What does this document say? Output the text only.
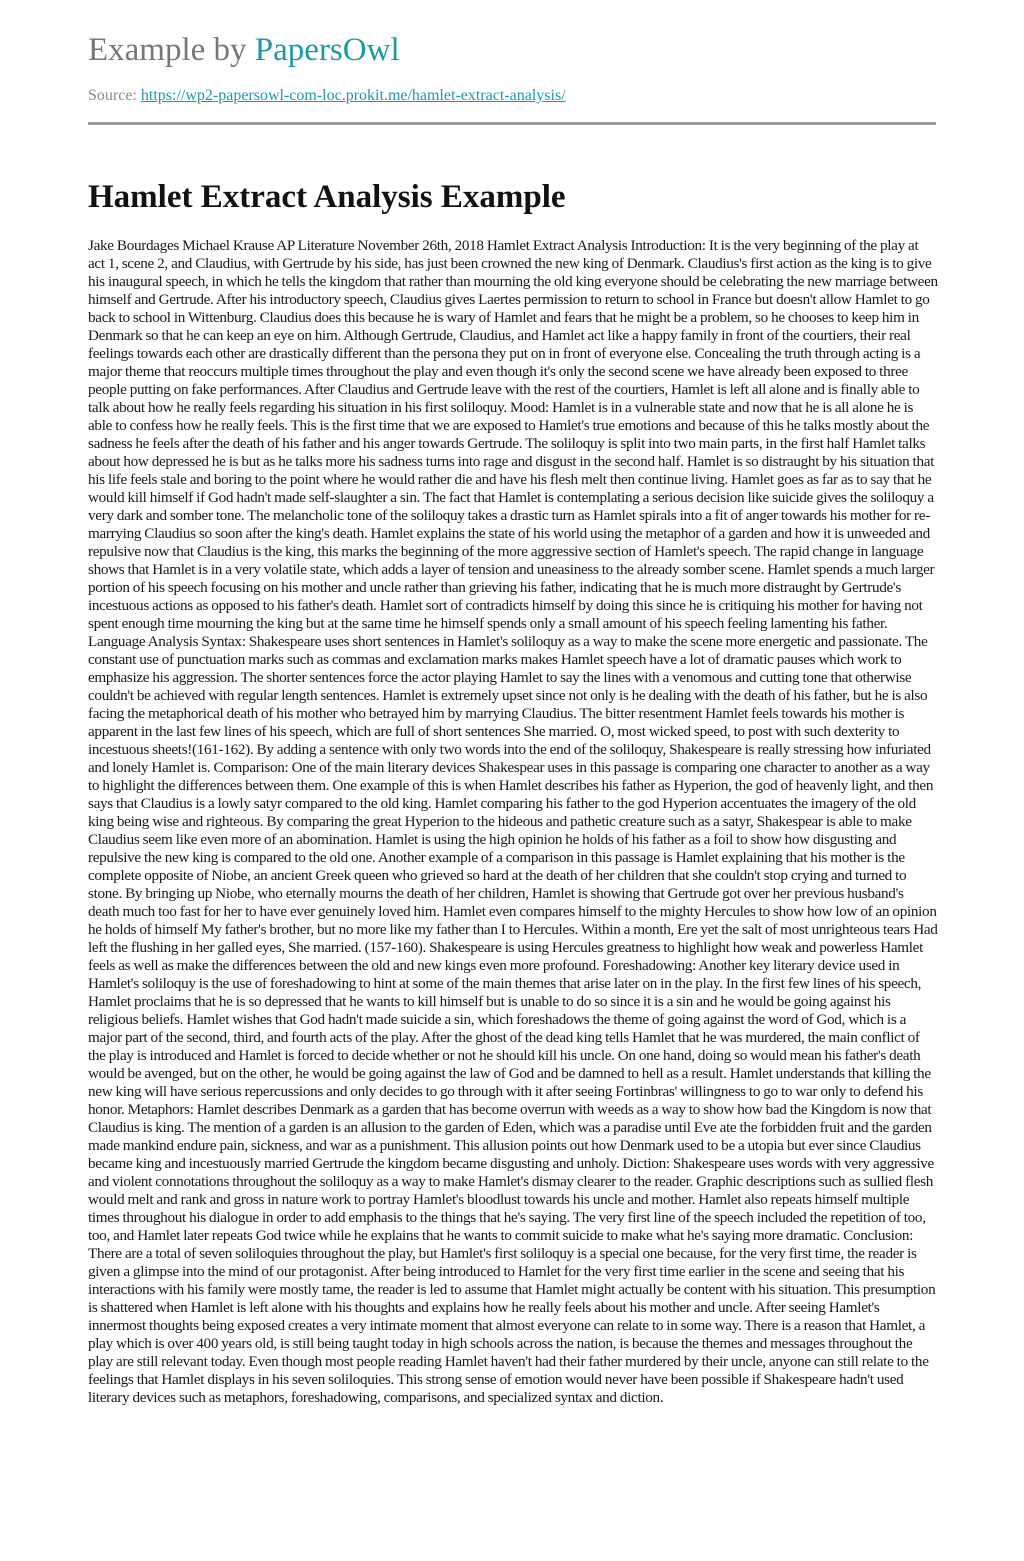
Example by PapersOwl
Source: https://wp2-papersowl-com-loc.prokit.me/hamlet-extract-analysis/
Hamlet Extract Analysis Example

Jake Bourdages Michael Krause AP Literature November 26th, 2018 Hamlet Extract Analysis Introduction: It is the very beginning of the play at act 1, scene 2, and Claudius, with Gertrude by his side, has just been crowned the new king of Denmark. Claudius's first action as the king is to give his inaugural speech, in which he tells the kingdom that rather than mourning the old king everyone should be celebrating the new marriage between himself and Gertrude. After his introductory speech, Claudius gives Laertes permission to return to school in France but doesn't allow Hamlet to go back to school in Wittenburg. Claudius does this because he is wary of Hamlet and fears that he might be a problem, so he chooses to keep him in Denmark so that he can keep an eye on him. Although Gertrude, Claudius, and Hamlet act like a happy family in front of the courtiers, their real feelings towards each other are drastically different than the persona they put on in front of everyone else. Concealing the truth through acting is a major theme that reoccurs multiple times throughout the play and even though it's only the second scene we have already been exposed to three people putting on fake performances. After Claudius and Gertrude leave with the rest of the courtiers, Hamlet is left all alone and is finally able to talk about how he really feels regarding his situation in his first soliloquy. Mood: Hamlet is in a vulnerable state and now that he is all alone he is able to confess how he really feels. This is the first time that we are exposed to Hamlet's true emotions and because of this he talks mostly about the sadness he feels after the death of his father and his anger towards Gertrude. The soliloquy is split into two main parts, in the first half Hamlet talks about how depressed he is but as he talks more his sadness turns into rage and disgust in the second half. Hamlet is so distraught by his situation that his life feels stale and boring to the point where he would rather die and have his flesh melt then continue living. Hamlet goes as far as to say that he would kill himself if God hadn't made self-slaughter a sin. The fact that Hamlet is contemplating a serious decision like suicide gives the soliloquy a very dark and somber tone. The melancholic tone of the soliloquy takes a drastic turn as Hamlet spirals into a fit of anger towards his mother for re-marrying Claudius so soon after the king's death. Hamlet explains the state of his world using the metaphor of a garden and how it is unweeded and repulsive now that Claudius is the king, this marks the beginning of the more aggressive section of Hamlet's speech. The rapid change in language shows that Hamlet is in a very volatile state, which adds a layer of tension and uneasiness to the already somber scene. Hamlet spends a much larger portion of his speech focusing on his mother and uncle rather than grieving his father, indicating that he is much more distraught by Gertrude's incestuous actions as opposed to his father's death. Hamlet sort of contradicts himself by doing this since he is critiquing his mother for having not spent enough time mourning the king but at the same time he himself spends only a small amount of his speech feeling lamenting his father. Language Analysis Syntax: Shakespeare uses short sentences in Hamlet's soliloquy as a way to make the scene more energetic and passionate. The constant use of punctuation marks such as commas and exclamation marks makes Hamlet speech have a lot of dramatic pauses which work to emphasize his aggression. The shorter sentences force the actor playing Hamlet to say the lines with a venomous and cutting tone that otherwise couldn't be achieved with regular length sentences. Hamlet is extremely upset since not only is he dealing with the death of his father, but he is also facing the metaphorical death of his mother who betrayed him by marrying Claudius. The bitter resentment Hamlet feels towards his mother is apparent in the last few lines of his speech, which are full of short sentences She married. O, most wicked speed, to post with such dexterity to incestuous sheets!(161-162). By adding a sentence with only two words into the end of the soliloquy, Shakespeare is really stressing how infuriated and lonely Hamlet is. Comparison: One of the main literary devices Shakespear uses in this passage is comparing one character to another as a way to highlight the differences between them. One example of this is when Hamlet describes his father as Hyperion, the god of heavenly light, and then says that Claudius is a lowly satyr compared to the old king. Hamlet comparing his father to the god Hyperion accentuates the imagery of the old king being wise and righteous. By comparing the great Hyperion to the hideous and pathetic creature such as a satyr, Shakespear is able to make Claudius seem like even more of an abomination. Hamlet is using the high opinion he holds of his father as a foil to show how disgusting and repulsive the new king is compared to the old one. Another example of a comparison in this passage is Hamlet explaining that his mother is the complete opposite of Niobe, an ancient Greek queen who grieved so hard at the death of her children that she couldn't stop crying and turned to stone. By bringing up Niobe, who eternally mourns the death of her children, Hamlet is showing that Gertrude got over her previous husband's death much too fast for her to have ever genuinely loved him. Hamlet even compares himself to the mighty Hercules to show how low of an opinion he holds of himself My father's brother, but no more like my father than I to Hercules. Within a month, Ere yet the salt of most unrighteous tears Had left the flushing in her galled eyes, She married. (157-160). Shakespeare is using Hercules greatness to highlight how weak and powerless Hamlet feels as well as make the differences between the old and new kings even more profound. Foreshadowing: Another key literary device used in Hamlet's soliloquy is the use of foreshadowing to hint at some of the main themes that arise later on in the play. In the first few lines of his speech, Hamlet proclaims that he is so depressed that he wants to kill himself but is unable to do so since it is a sin and he would be going against his religious beliefs. Hamlet wishes that God hadn't made suicide a sin, which foreshadows the theme of going against the word of God, which is a major part of the second, third, and fourth acts of the play. After the ghost of the dead king tells Hamlet that he was murdered, the main conflict of the play is introduced and Hamlet is forced to decide whether or not he should kill his uncle. On one hand, doing so would mean his father's death would be avenged, but on the other, he would be going against the law of God and be damned to hell as a result. Hamlet understands that killing the new king will have serious repercussions and only decides to go through with it after seeing Fortinbras' willingness to go to war only to defend his honor. Metaphors: Hamlet describes Denmark as a garden that has become overrun with weeds as a way to show how bad the Kingdom is now that Claudius is king. The mention of a garden is an allusion to the garden of Eden, which was a paradise until Eve ate the forbidden fruit and the garden made mankind endure pain, sickness, and war as a punishment. This allusion points out how Denmark used to be a utopia but ever since Claudius became king and incestuously married Gertrude the kingdom became disgusting and unholy. Diction: Shakespeare uses words with very aggressive and violent connotations throughout the soliloquy as a way to make Hamlet's dismay clearer to the reader. Graphic descriptions such as sullied flesh would melt and rank and gross in nature work to portray Hamlet's bloodlust towards his uncle and mother. Hamlet also repeats himself multiple times throughout his dialogue in order to add emphasis to the things that he's saying. The very first line of the speech included the repetition of too, too, and Hamlet later repeats God twice while he explains that he wants to commit suicide to make what he's saying more dramatic. Conclusion: There are a total of seven soliloquies throughout the play, but Hamlet's first soliloquy is a special one because, for the very first time, the reader is given a glimpse into the mind of our protagonist. After being introduced to Hamlet for the very first time earlier in the scene and seeing that his interactions with his family were mostly tame, the reader is led to assume that Hamlet might actually be content with his situation. This presumption is shattered when Hamlet is left alone with his thoughts and explains how he really feels about his mother and uncle. After seeing Hamlet's innermost thoughts being exposed creates a very intimate moment that almost everyone can relate to in some way. There is a reason that Hamlet, a play which is over 400 years old, is still being taught today in high schools across the nation, is because the themes and messages throughout the play are still relevant today. Even though most people reading Hamlet haven't had their father murdered by their uncle, anyone can still relate to the feelings that Hamlet displays in his seven soliloquies. This strong sense of emotion would never have been possible if Shakespeare hadn't used literary devices such as metaphors, foreshadowing, comparisons, and specialized syntax and diction.
